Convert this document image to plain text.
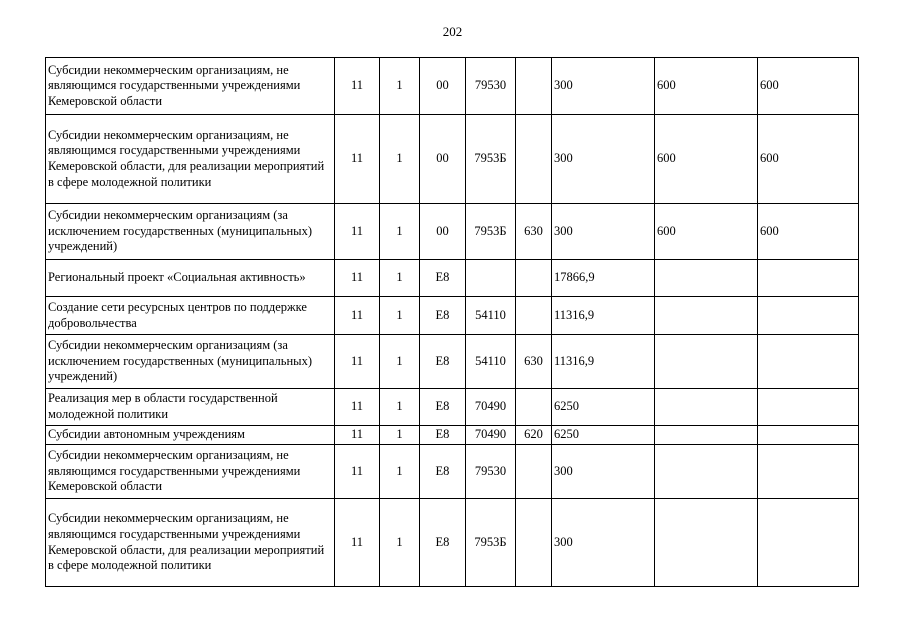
202
Субсидии некоммерческим организациям, не являющимся государственными учреждениями Кемеровской области	11	1	00	79530		300	600	600
Субсидии некоммерческим организациям, не являющимся государственными учреждениями Кемеровской области, для реализации мероприятий в сфере молодежной политики	11	1	00	7953Б		300	600	600
Субсидии некоммерческим организациям (за исключением государственных (муниципальных) учреждений)	11	1	00	7953Б	630	300	600	600
Региональный проект «Социальная активность»	11	1	E8			17866,9		
Создание сети ресурсных центров по поддержке добровольчества	11	1	E8	54110		11316,9		
Субсидии некоммерческим организациям (за исключением государственных (муниципальных) учреждений)	11	1	E8	54110	630	11316,9		
Реализация мер в области государственной молодежной политики	11	1	E8	70490		6250		
Субсидии автономным учреждениям	11	1	E8	70490	620	6250		
Субсидии некоммерческим организациям, не являющимся государственными учреждениями Кемеровской области	11	1	E8	79530		300		
Субсидии некоммерческим организациям, не являющимся государственными учреждениями Кемеровской области, для реализации мероприятий в сфере молодежной политики	11	1	E8	7953Б		300		
